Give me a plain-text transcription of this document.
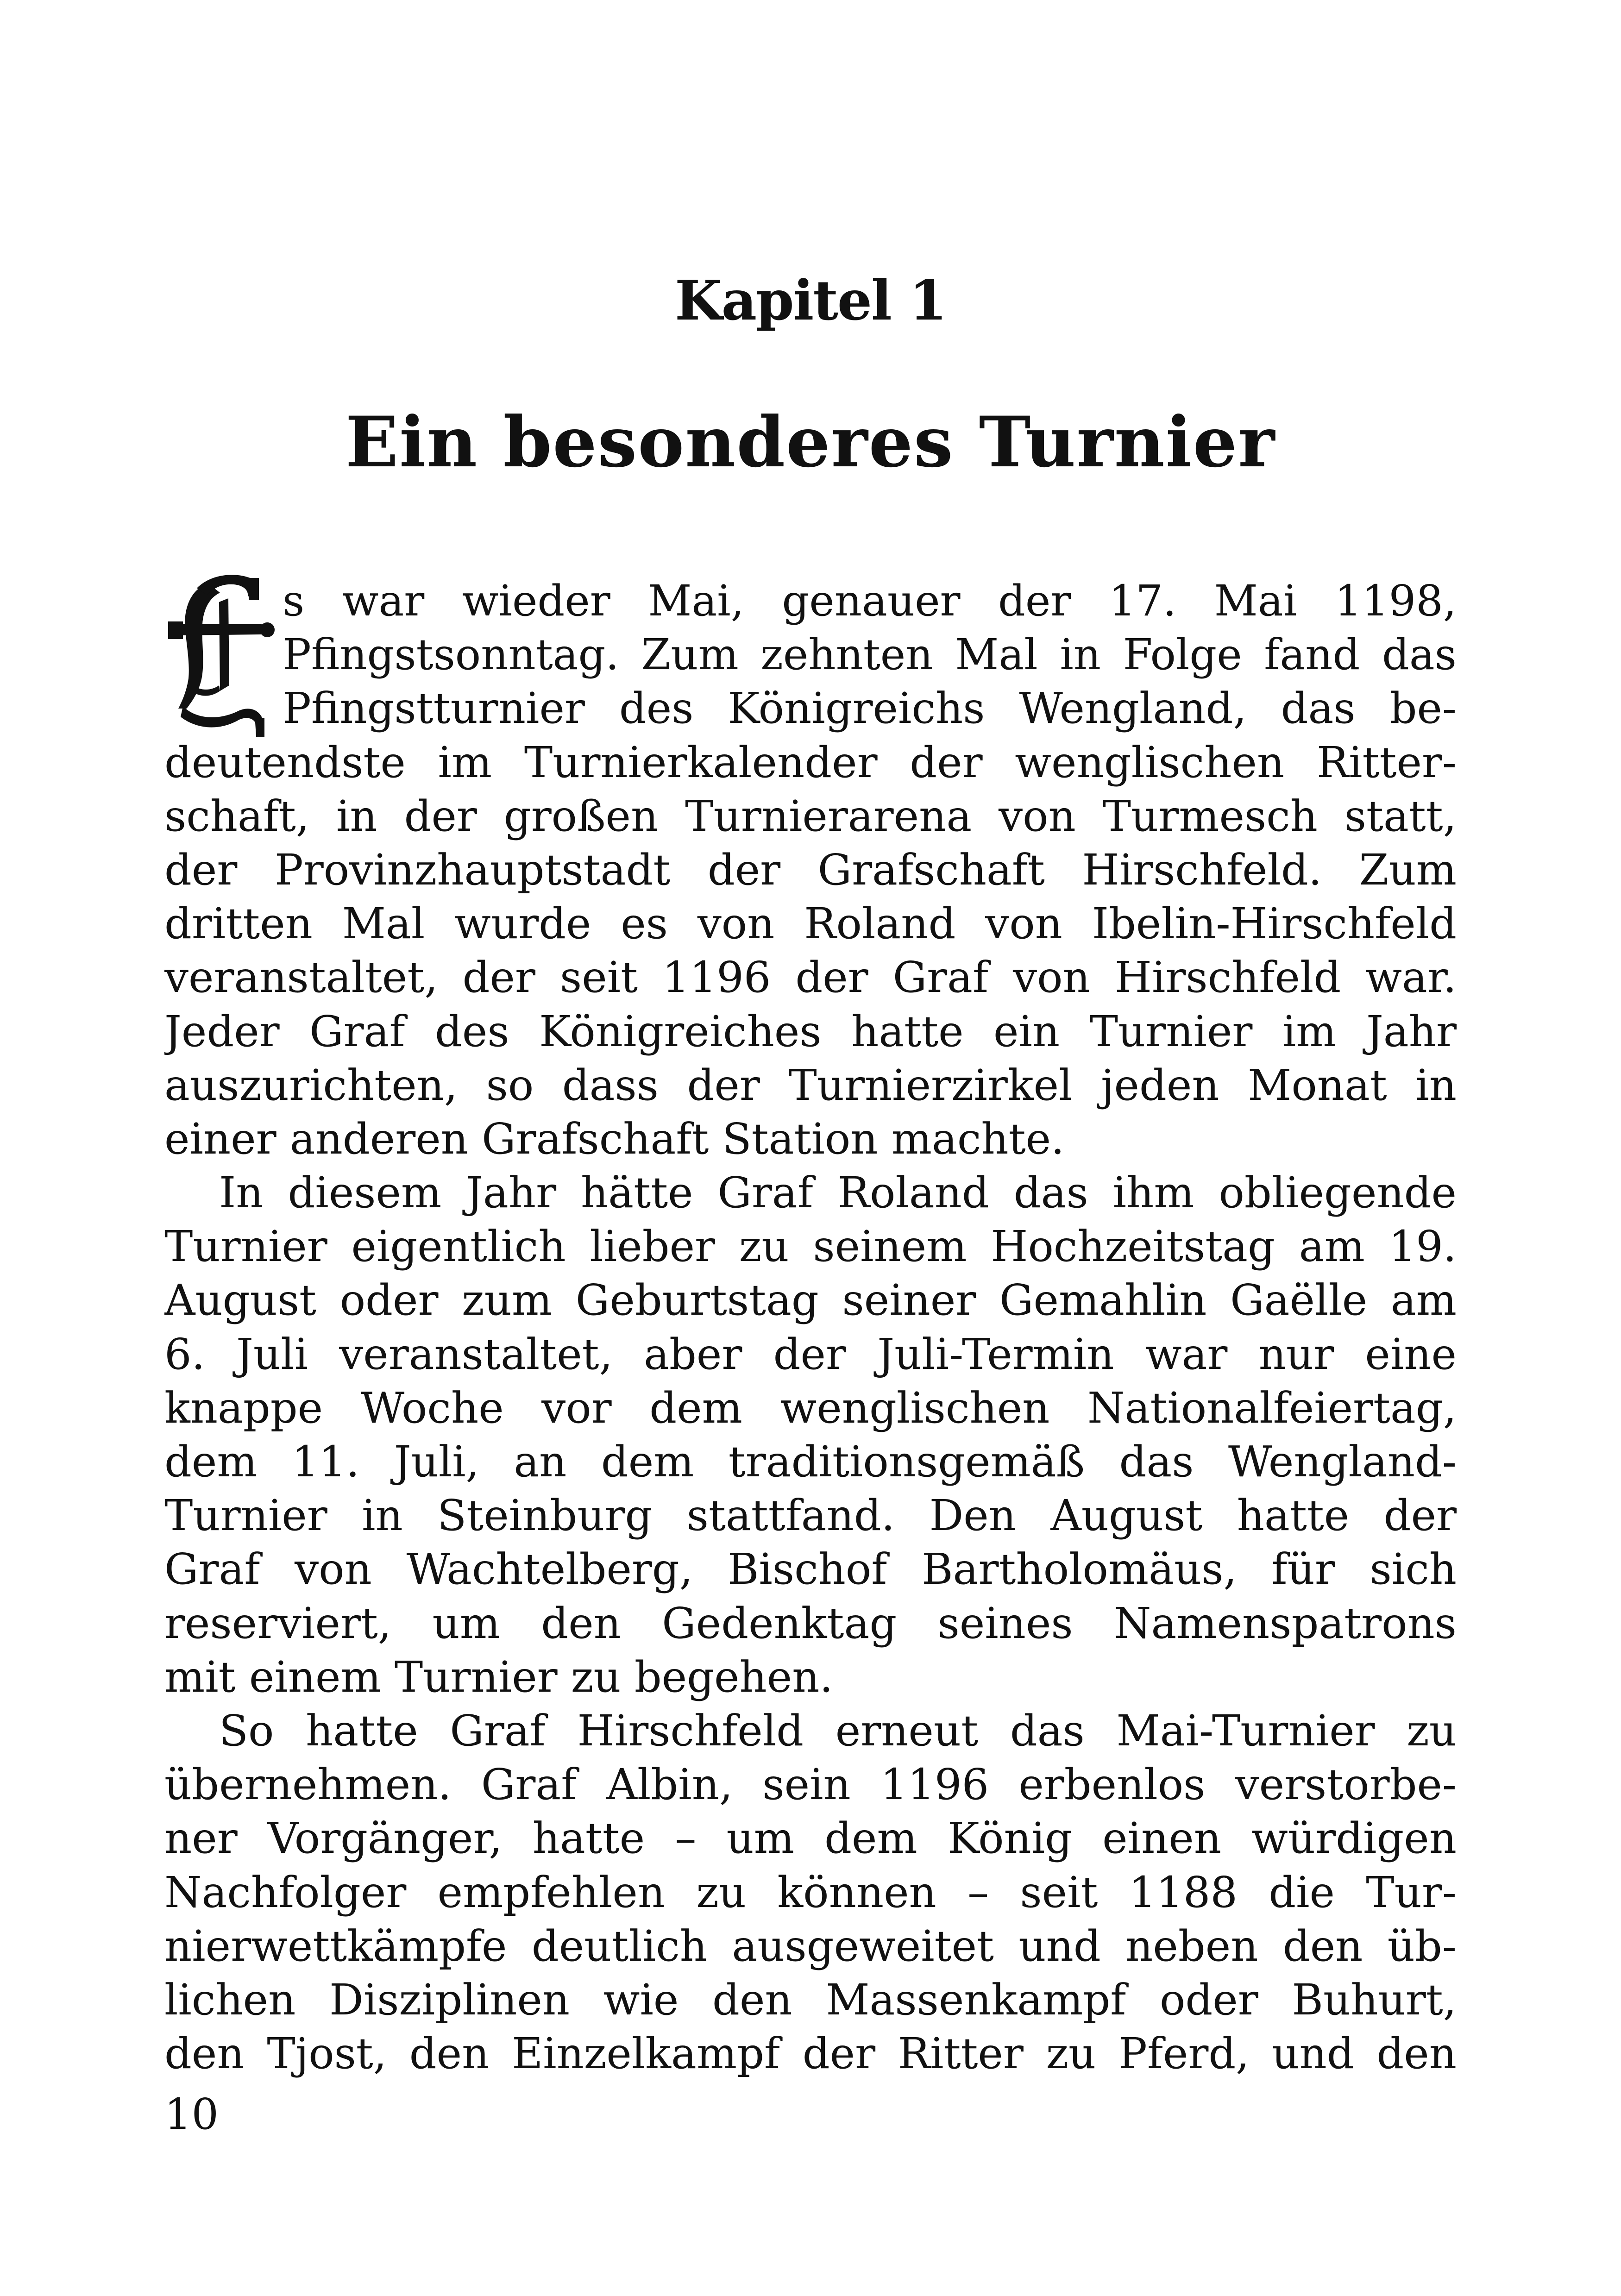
Kapitel 1
Ein besonderes Turnier
s war wieder Mai, genauer der 17. Mai 1198,
Pfingstsonntag. Zum zehnten Mal in Folge fand das
Pfingstturnier des Königreichs Wengland, das be-
deutendste im Turnierkalender der wenglischen Ritter-
schaft, in der großen Turnierarena von Turmesch statt,
der Provinzhauptstadt der Grafschaft Hirschfeld. Zum
dritten Mal wurde es von Roland von Ibelin-Hirschfeld
veranstaltet, der seit 1196 der Graf von Hirschfeld war.
Jeder Graf des Königreiches hatte ein Turnier im Jahr
auszurichten, so dass der Turnierzirkel jeden Monat in
einer anderen Grafschaft Station machte.
In diesem Jahr hätte Graf Roland das ihm obliegende
Turnier eigentlich lieber zu seinem Hochzeitstag am 19.
August oder zum Geburtstag seiner Gemahlin Gaëlle am
6. Juli veranstaltet, aber der Juli-Termin war nur eine
knappe Woche vor dem wenglischen Nationalfeiertag,
dem 11. Juli, an dem traditionsgemäß das Wengland-
Turnier in Steinburg stattfand. Den August hatte der
Graf von Wachtelberg, Bischof Bartholomäus, für sich
reserviert, um den Gedenktag seines Namenspatrons
mit einem Turnier zu begehen.
So hatte Graf Hirschfeld erneut das Mai-Turnier zu
übernehmen. Graf Albin, sein 1196 erbenlos verstorbe-
ner Vorgänger, hatte – um dem König einen würdigen
Nachfolger empfehlen zu können – seit 1188 die Tur-
nierwettkämpfe deutlich ausgeweitet und neben den üb-
lichen Disziplinen wie den Massenkampf oder Buhurt,
den Tjost, den Einzelkampf der Ritter zu Pferd, und den
10
